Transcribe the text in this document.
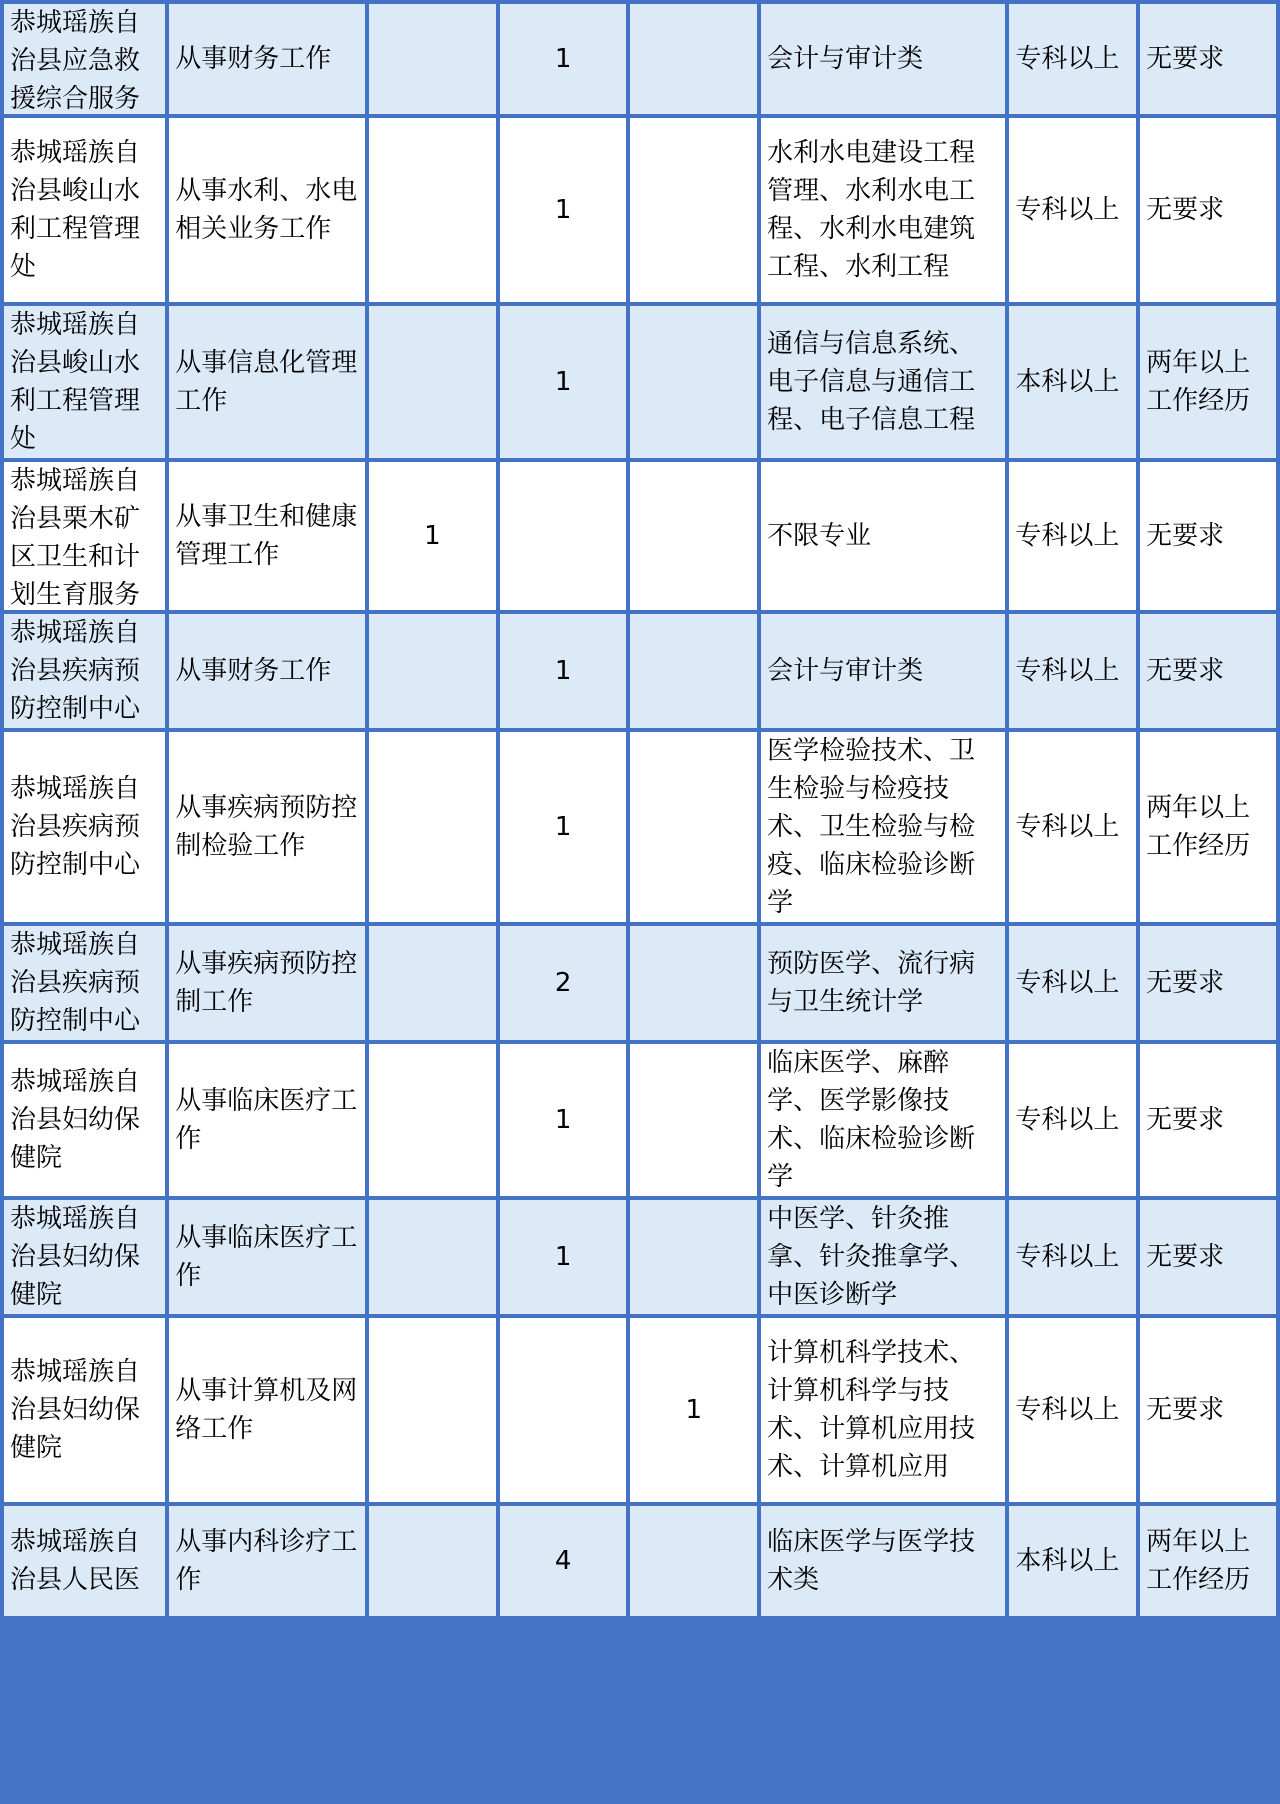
恭城瑶族自治县应急救援综合服务	从事财务工作		1		会计与审计类	专科以上	无要求
恭城瑶族自治县峻山水利工程管理处	从事水利、水电相关业务工作		1		水利水电建设工程管理、水利水电工程、水利水电建筑工程、水利工程	专科以上	无要求
恭城瑶族自治县峻山水利工程管理处	从事信息化管理工作		1		通信与信息系统、电子信息与通信工程、电子信息工程	本科以上	两年以上工作经历

恭城瑶族自治县栗木矿区卫生和计划生育服务	从事卫生和健康管理工作	1			不限专业	专科以上	无要求
恭城瑶族自治县疾病预防控制中心	从事财务工作		1		会计与审计类	专科以上	无要求
恭城瑶族自治县疾病预防控制中心	从事疾病预防控制检验工作		1		医学检验技术、卫生检验与检疫技术、卫生检验与检疫、临床检验诊断学	专科以上	两年以上工作经历
恭城瑶族自治县疾病预防控制中心	从事疾病预防控制工作		2		预防医学、流行病与卫生统计学	专科以上	无要求
恭城瑶族自治县妇幼保健院	从事临床医疗工作		1		临床医学、麻醉学、医学影像技术、临床检验诊断学	专科以上	无要求
恭城瑶族自治县妇幼保健院	从事临床医疗工作		1		中医学、针灸推拿、针灸推拿学、中医诊断学	专科以上	无要求
恭城瑶族自治县妇幼保健院	从事计算机及网络工作			1	计算机科学技术、计算机科学与技术、计算机应用技术、计算机应用	专科以上	无要求

恭城瑶族自治县人民医	从事内科诊疗工作		4		临床医学与医学技术类	本科以上	两年以上工作经历
